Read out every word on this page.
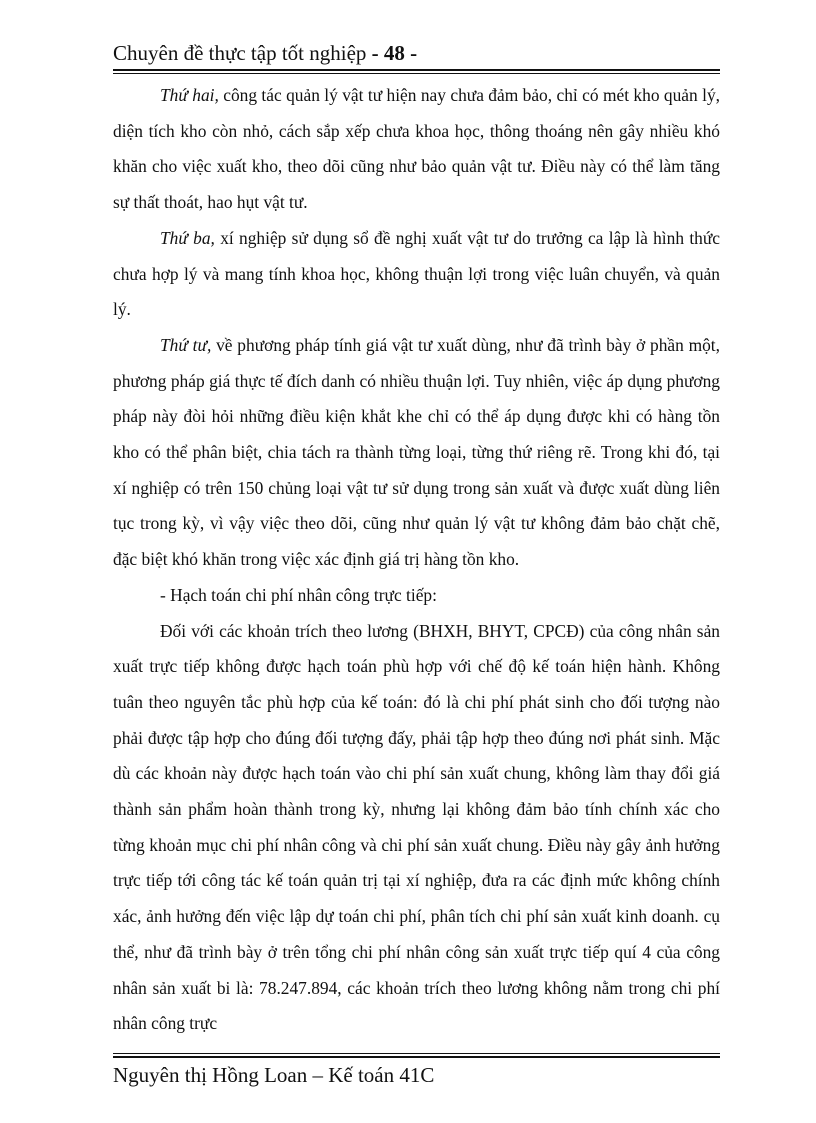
Chuyên đề thực tập tốt nghiệp - 48 -

Thứ hai, công tác quản lý vật tư hiện nay chưa đảm bảo, chỉ có mét kho quản lý, diện tích kho còn nhỏ, cách sắp xếp chưa khoa học, thông thoáng nên gây nhiều khó khăn cho việc xuất kho, theo dõi cũng như bảo quản vật tư. Điều này có thể làm tăng sự thất thoát, hao hụt vật tư.

Thứ ba, xí nghiệp sử dụng sổ đề nghị xuất vật tư do trưởng ca lập là hình thức chưa hợp lý và mang tính khoa học, không thuận lợi trong việc luân chuyển, và quản lý.

Thứ tư, về phương pháp tính giá vật tư xuất dùng, như đã trình bày ở phần một, phương pháp giá thực tế đích danh có nhiều thuận lợi. Tuy nhiên, việc áp dụng phương pháp này đòi hỏi những điều kiện khắt khe chỉ có thể áp dụng được khi có hàng tồn kho có thể phân biệt, chia tách ra thành từng loại, từng thứ riêng rẽ. Trong khi đó, tại xí nghiệp có trên 150 chủng loại vật tư sử dụng trong sản xuất và được xuất dùng liên tục trong kỳ, vì vậy việc theo dõi, cũng như quản lý vật tư không đảm bảo chặt chẽ, đặc biệt khó khăn trong việc xác định giá trị hàng tồn kho.

- Hạch toán chi phí nhân công trực tiếp:

Đối với các khoản trích theo lương (BHXH, BHYT, CPCĐ) của công nhân sản xuất trực tiếp không được hạch toán phù hợp với chế độ kế toán hiện hành. Không tuân theo nguyên tắc phù hợp của kế toán: đó là chi phí phát sinh cho đối tượng nào phải được tập hợp cho đúng đối tượng đấy, phải tập hợp theo đúng nơi phát sinh. Mặc dù các khoản này được hạch toán vào chi phí sản xuất chung, không làm thay đổi giá thành sản phẩm hoàn thành trong kỳ, nhưng lại không đảm bảo tính chính xác cho từng khoản mục chi phí nhân công và chi phí sản xuất chung. Điều này gây ảnh hưởng trực tiếp tới công tác kế toán quản trị tại xí nghiệp, đưa ra các định mức không chính xác, ảnh hưởng đến việc lập dự toán chi phí, phân tích chi phí sản xuất kinh doanh. cụ thể, như đã trình bày ở trên tổng chi phí nhân công sản xuất trực tiếp quí 4 của công nhân sản xuất bi là: 78.247.894, các khoản trích theo lương không nằm trong chi phí nhân công trực

Nguyên thị Hồng Loan – Kế toán 41C
